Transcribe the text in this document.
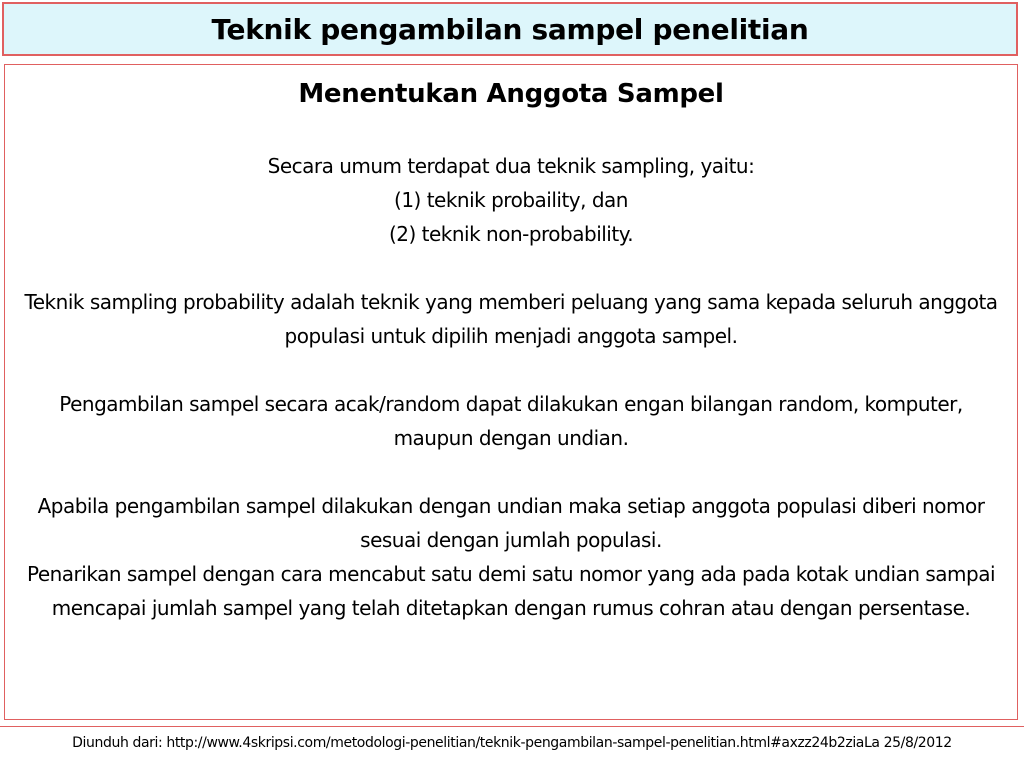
Teknik pengambilan sampel penelitian

Menentukan Anggota Sampel

Secara umum terdapat dua teknik sampling, yaitu:

(1) teknik probaility, dan

(2) teknik non-probability.

Teknik sampling probability adalah teknik yang memberi peluang yang sama kepada seluruh anggota populasi untuk dipilih menjadi anggota sampel.

Pengambilan sampel secara acak/random dapat dilakukan engan bilangan random, komputer, maupun dengan undian.

Apabila pengambilan sampel dilakukan dengan undian maka setiap anggota populasi diberi nomor sesuai dengan jumlah populasi.

Penarikan sampel dengan cara mencabut satu demi satu nomor yang ada pada kotak undian sampai mencapai jumlah sampel yang telah ditetapkan dengan rumus cohran atau dengan persentase.

Diunduh dari: http://www.4skripsi.com/metodologi-penelitian/teknik-pengambilan-sampel-penelitian.html#axzz24b2ziaLa 25/8/2012
